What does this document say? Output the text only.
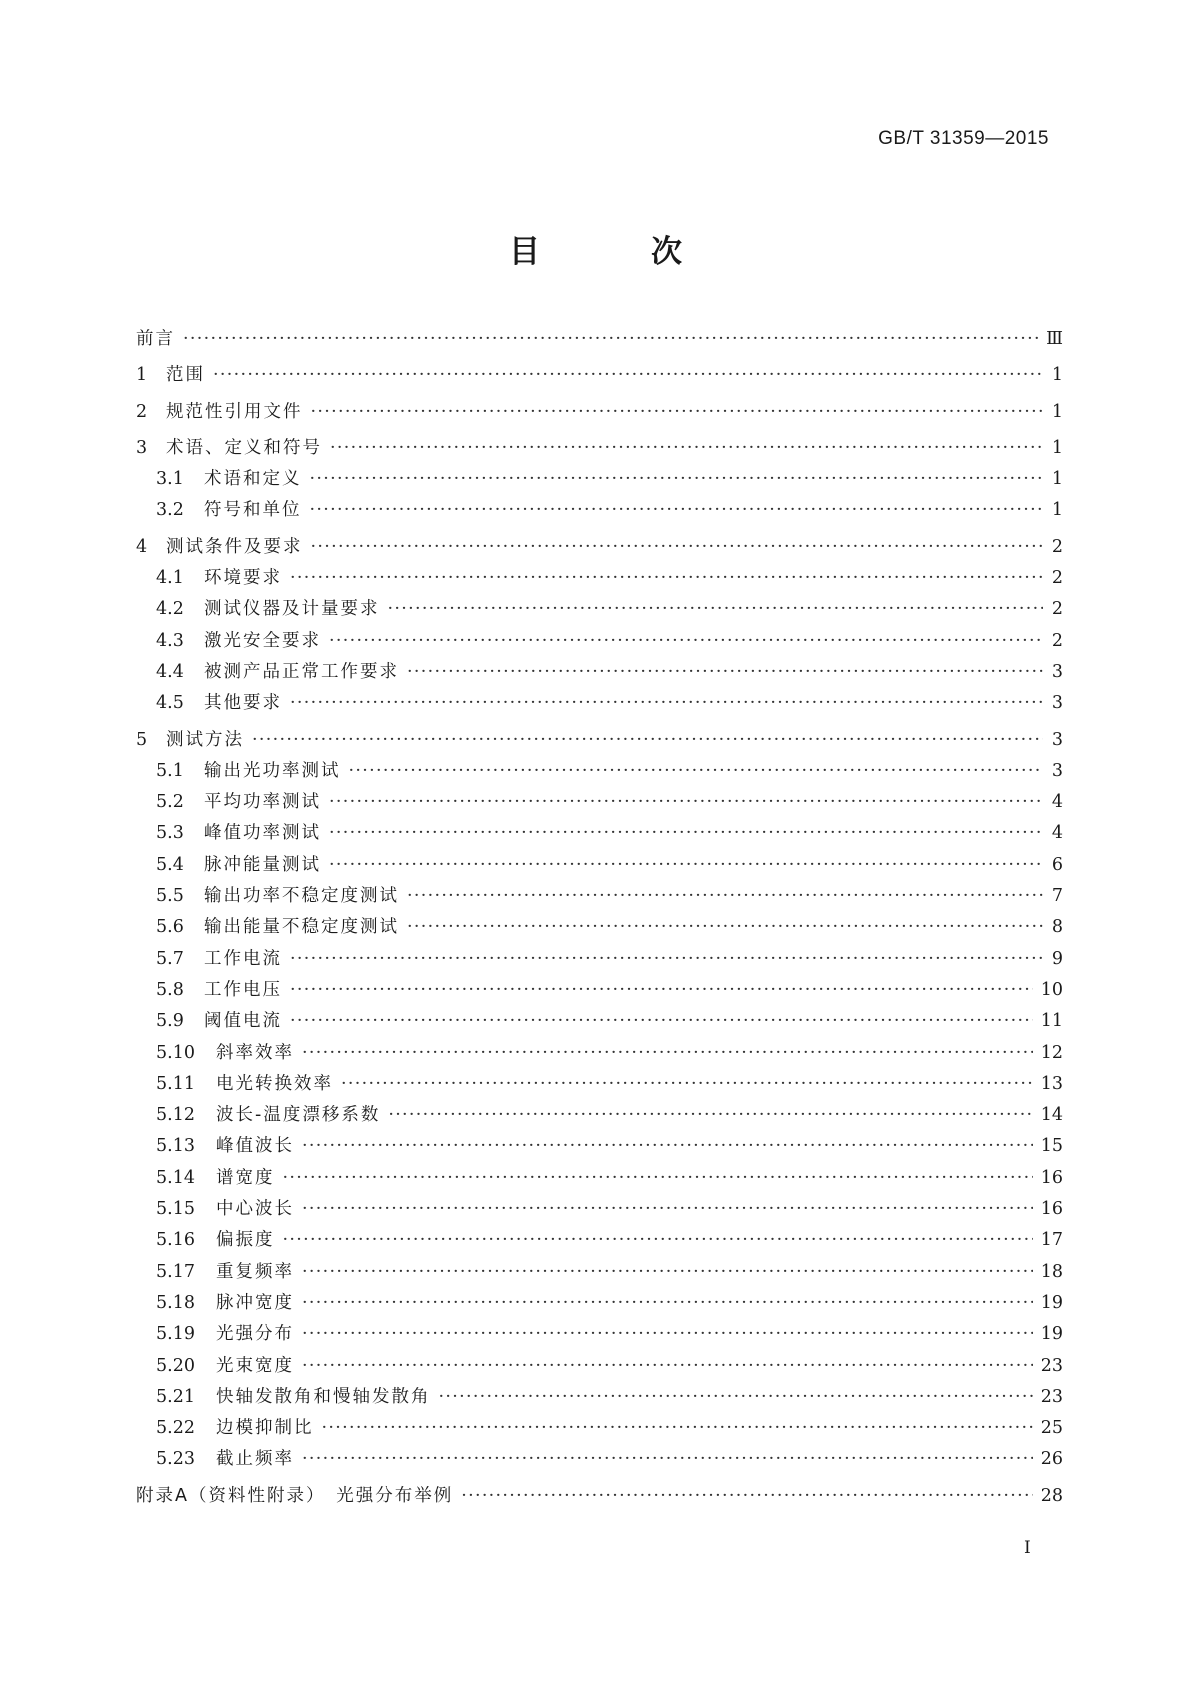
GB/T 31359—2015
目　次
前言 ·····	Ⅲ
1	范围 ·····	1
2	规范性引用文件 ·····	1
3	术语、定义和符号 ·····	1
3.1	术语和定义 ·····	1
3.2	符号和单位 ·····	1
4	测试条件及要求 ·····	2
4.1	环境要求 ·····	2
4.2	测试仪器及计量要求 ·····	2
4.3	激光安全要求 ·····	2
4.4	被测产品正常工作要求 ·····	3
4.5	其他要求 ·····	3
5	测试方法 ·····	3
5.1	输出光功率测试 ·····	3
5.2	平均功率测试 ·····	4
5.3	峰值功率测试 ·····	4
5.4	脉冲能量测试 ·····	6
5.5	输出功率不稳定度测试 ·····	7
5.6	输出能量不稳定度测试 ·····	8
5.7	工作电流 ·····	9
5.8	工作电压 ·····	10
5.9	阈值电流 ·····	11
5.10	斜率效率 ·····	12
5.11	电光转换效率 ·····	13
5.12	波长-温度漂移系数 ·····	14
5.13	峰值波长 ·····	15
5.14	谱宽度 ·····	16
5.15	中心波长 ·····	16
5.16	偏振度 ·····	17
5.17	重复频率 ·····	18
5.18	脉冲宽度 ·····	19
5.19	光强分布 ·····	19
5.20	光束宽度 ·····	23
5.21	快轴发散角和慢轴发散角 ·····	23
5.22	边模抑制比 ·····	25
5.23	截止频率 ·····	26
附录A（资料性附录）　光强分布举例 ·····	28
Ⅰ
